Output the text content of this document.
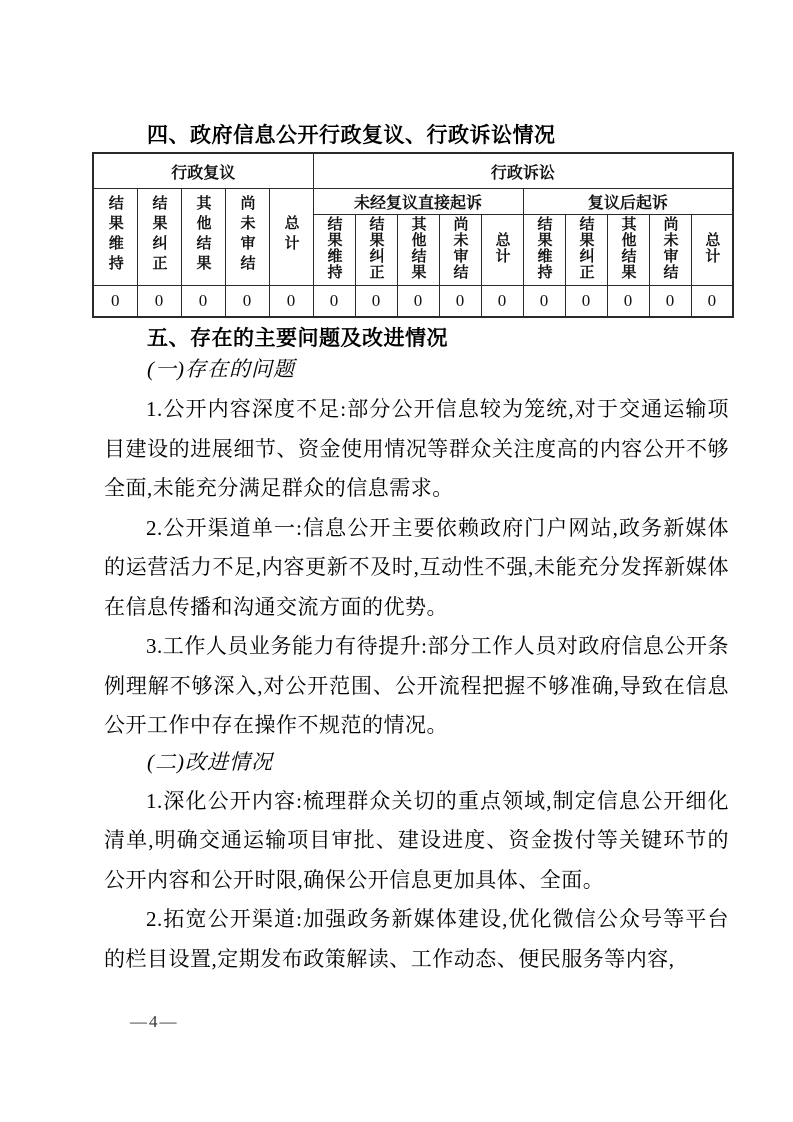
四、政府信息公开行政复议、行政诉讼情况
行政复议					行政诉讼									
结果维持	结果纠正	其他结果	尚未审结	总计	未经复议直接起诉					复议后起诉				
					结果维持	结果纠正	其他结果	尚未审结	总计	结果维持	结果纠正	其他结果	尚未审结	总计
0	0	0	0	0	0	0	0	0	0	0	0	0	0	0
五、存在的主要问题及改进情况
(一)存在的问题

1.公开内容深度不足:部分公开信息较为笼统,对于交通运输项目建设的进展细节、资金使用情况等群众关注度高的内容公开不够全面,未能充分满足群众的信息需求。

2.公开渠道单一:信息公开主要依赖政府门户网站,政务新媒体的运营活力不足,内容更新不及时,互动性不强,未能充分发挥新媒体在信息传播和沟通交流方面的优势。

3.工作人员业务能力有待提升:部分工作人员对政府信息公开条例理解不够深入,对公开范围、公开流程把握不够准确,导致在信息公开工作中存在操作不规范的情况。

(二)改进情况

1.深化公开内容:梳理群众关切的重点领域,制定信息公开细化清单,明确交通运输项目审批、建设进度、资金拨付等关键环节的公开内容和公开时限,确保公开信息更加具体、全面。

2.拓宽公开渠道:加强政务新媒体建设,优化微信公众号等平台的栏目设置,定期发布政策解读、工作动态、便民服务等内容,

—4—
